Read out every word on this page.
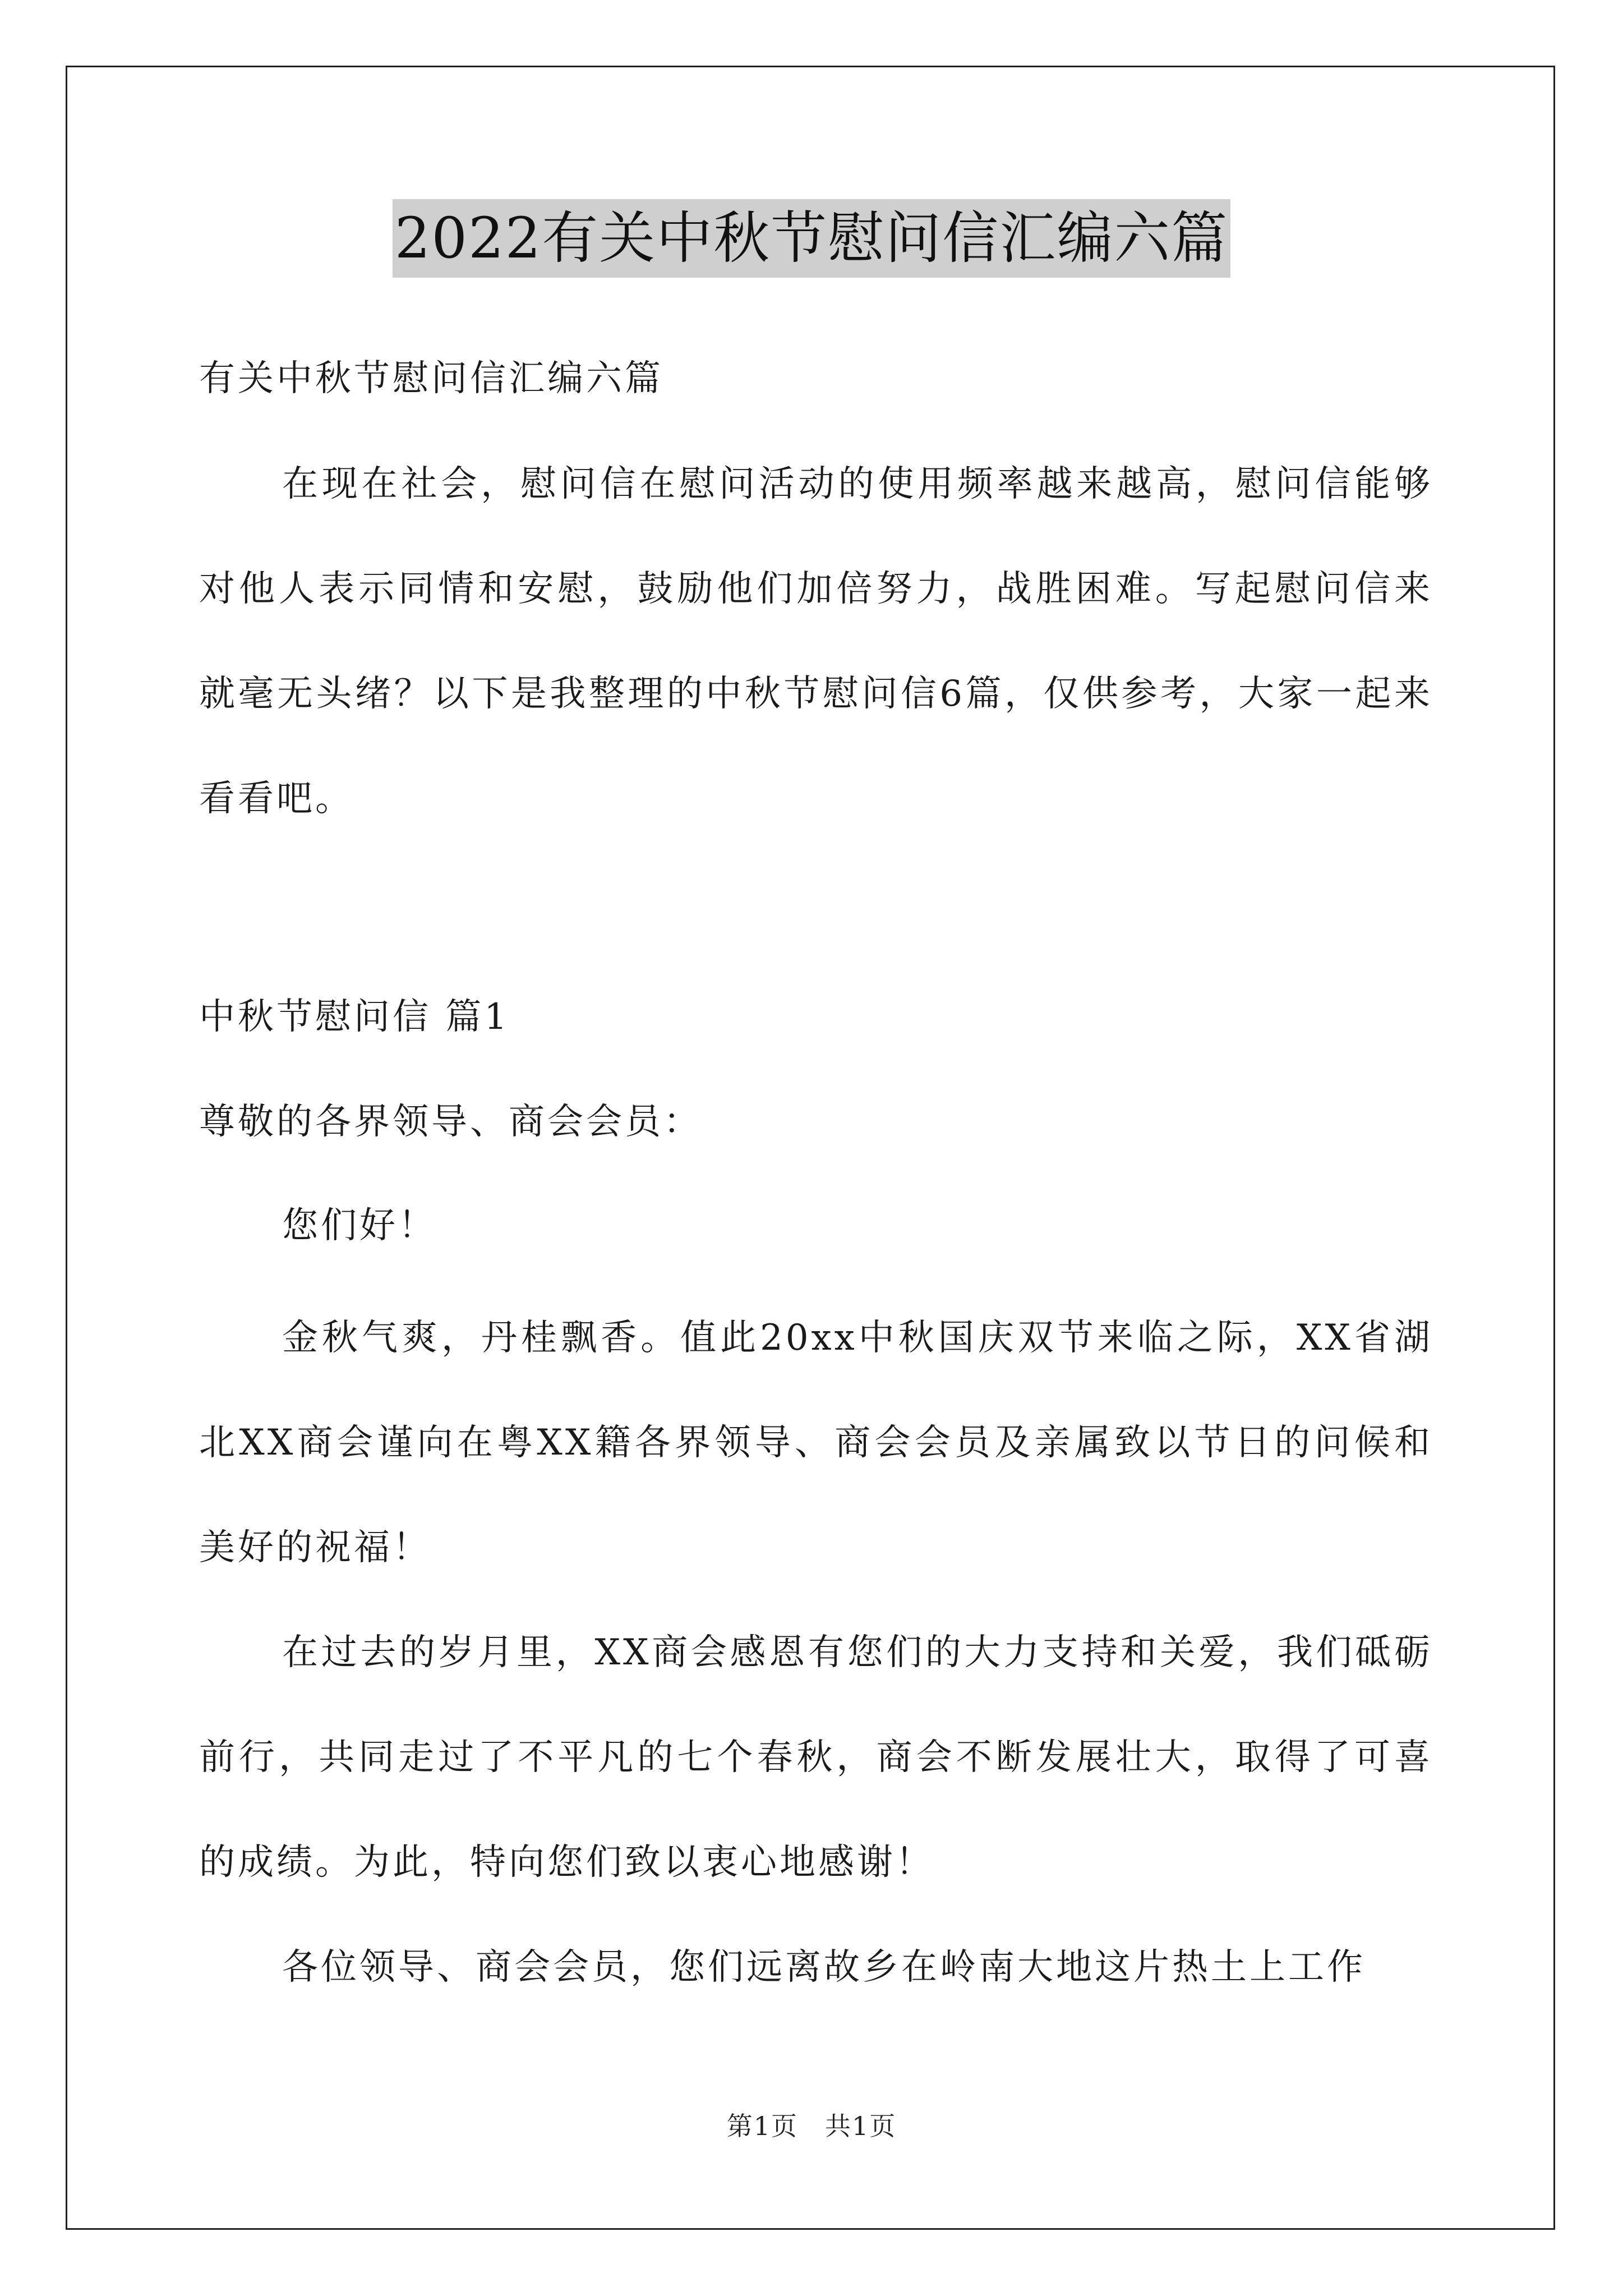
2022有关中秋节慰问信汇编六篇
有关中秋节慰问信汇编六篇
在现在社会，慰问信在慰问活动的使用频率越来越高，慰问信能够对他人表示同情和安慰，鼓励他们加倍努力，战胜困难。写起慰问信来就毫无头绪？以下是我整理的中秋节慰问信6篇，仅供参考，大家一起来看看吧。
中秋节慰问信 篇1
尊敬的各界领导、商会会员：
您们好！
金秋气爽，丹桂飘香。值此20xx中秋国庆双节来临之际，XX省湖北XX商会谨向在粤XX籍各界领导、商会会员及亲属致以节日的问候和美好的祝福！
在过去的岁月里，XX商会感恩有您们的大力支持和关爱，我们砥砺前行，共同走过了不平凡的七个春秋，商会不断发展壮大，取得了可喜的成绩。为此，特向您们致以衷心地感谢！
各位领导、商会会员，您们远离故乡在岭南大地这片热土上工作
第1页　共1页
